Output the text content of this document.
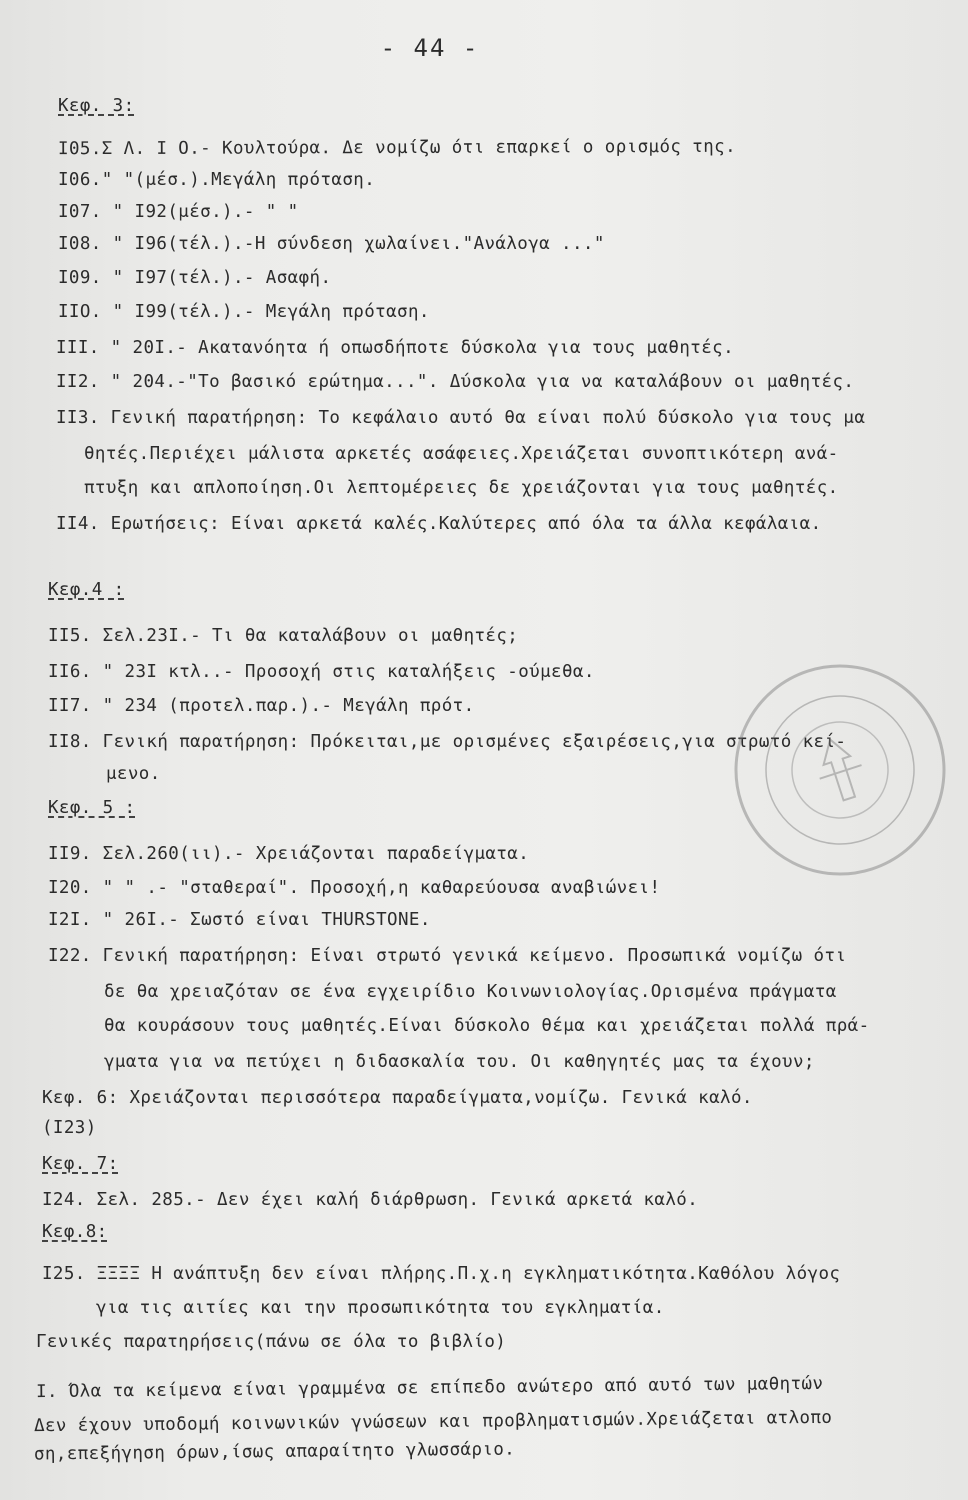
- 44 -
Κεφ. 3:
I05.Σ Λ. Ι Ο.- Κουλτούρα. Δε νομίζω ότι επαρκεί ο ορισμός της.
I06." "(μέσ.).Μεγάλη πρόταση.
I07. " I92(μέσ.).- " "
I08. " I96(τέλ.).-Η σύνδεση χωλαίνει."Ανάλογα ..."
I09. " I97(τέλ.).- Ασαφή.
IIO. " I99(τέλ.).- Μεγάλη πρόταση.
III. " 20I.- Ακατανόητα ή οπωσδήποτε δύσκολα για τους μαθητές.
II2. " 204.-"Το βασικό ερώτημα...". Δύσκολα για να καταλάβουν οι μαθητές.
II3. Γενική παρατήρηση: Το κεφάλαιο αυτό θα είναι πολύ δύσκολο για τους μα
θητές.Περιέχει μάλιστα αρκετές ασάφειες.Χρειάζεται συνοπτικότερη ανά-
πτυξη και απλοποίηση.Οι λεπτομέρειες δε χρειάζονται για τους μαθητές.
II4. Ερωτήσεις: Είναι αρκετά καλές.Καλύτερες από όλα τα άλλα κεφάλαια.
Κεφ.4 :
II5. Σελ.23Ι.- Τι θα καταλάβουν οι μαθητές;
II6. " 23I κτλ..- Προσοχή στις καταλήξεις -ούμεθα.
II7. " 234 (προτελ.παρ.).- Μεγάλη πρότ.
II8. Γενική παρατήρηση: Πρόκειται,με ορισμένες εξαιρέσεις,για στρωτό κεί-
μενο.
Κεφ. 5 :
II9. Σελ.260(ιι).- Χρειάζονται παραδείγματα.
I20. " " .- "σταθεραί". Προσοχή,η καθαρεύουσα αναβιώνει!
I2I. " 26I.- Σωστό είναι THURSTONE.
I22. Γενική παρατήρηση: Είναι στρωτό γενικά κείμενο. Προσωπικά νομίζω ότι
δε θα χρειαζόταν σε ένα εγχειρίδιο Κοινωνιολογίας.Ορισμένα πράγματα
θα κουράσουν τους μαθητές.Είναι δύσκολο θέμα και χρειάζεται πολλά πρά-
γματα για να πετύχει η διδασκαλία του. Οι καθηγητές μας τα έχουν;
Κεφ. 6: Χρειάζονται περισσότερα παραδείγματα,νομίζω. Γενικά καλό.
(I23)
Κεφ. 7:
I24. Σελ. 285.- Δεν έχει καλή διάρθρωση. Γενικά αρκετά καλό.
Κεφ.8:
I25. ΞΞΞΞ Η ανάπτυξη δεν είναι πλήρης.Π.χ.η εγκληματικότητα.Καθόλου λόγος
για τις αιτίες και την προσωπικότητα του εγκληματία.
Γενικές παρατηρήσεις(πάνω σε όλα το βιβλίο)
I. Όλα τα κείμενα είναι γραμμένα σε επίπεδο ανώτερο από αυτό των μαθητών
Δεν έχουν υποδομή κοινωνικών γνώσεων και προβληματισμών.Χρειάζεται ατλοπο
ση,επεξήγηση όρων,ίσως απαραίτητο γλωσσάριο.
